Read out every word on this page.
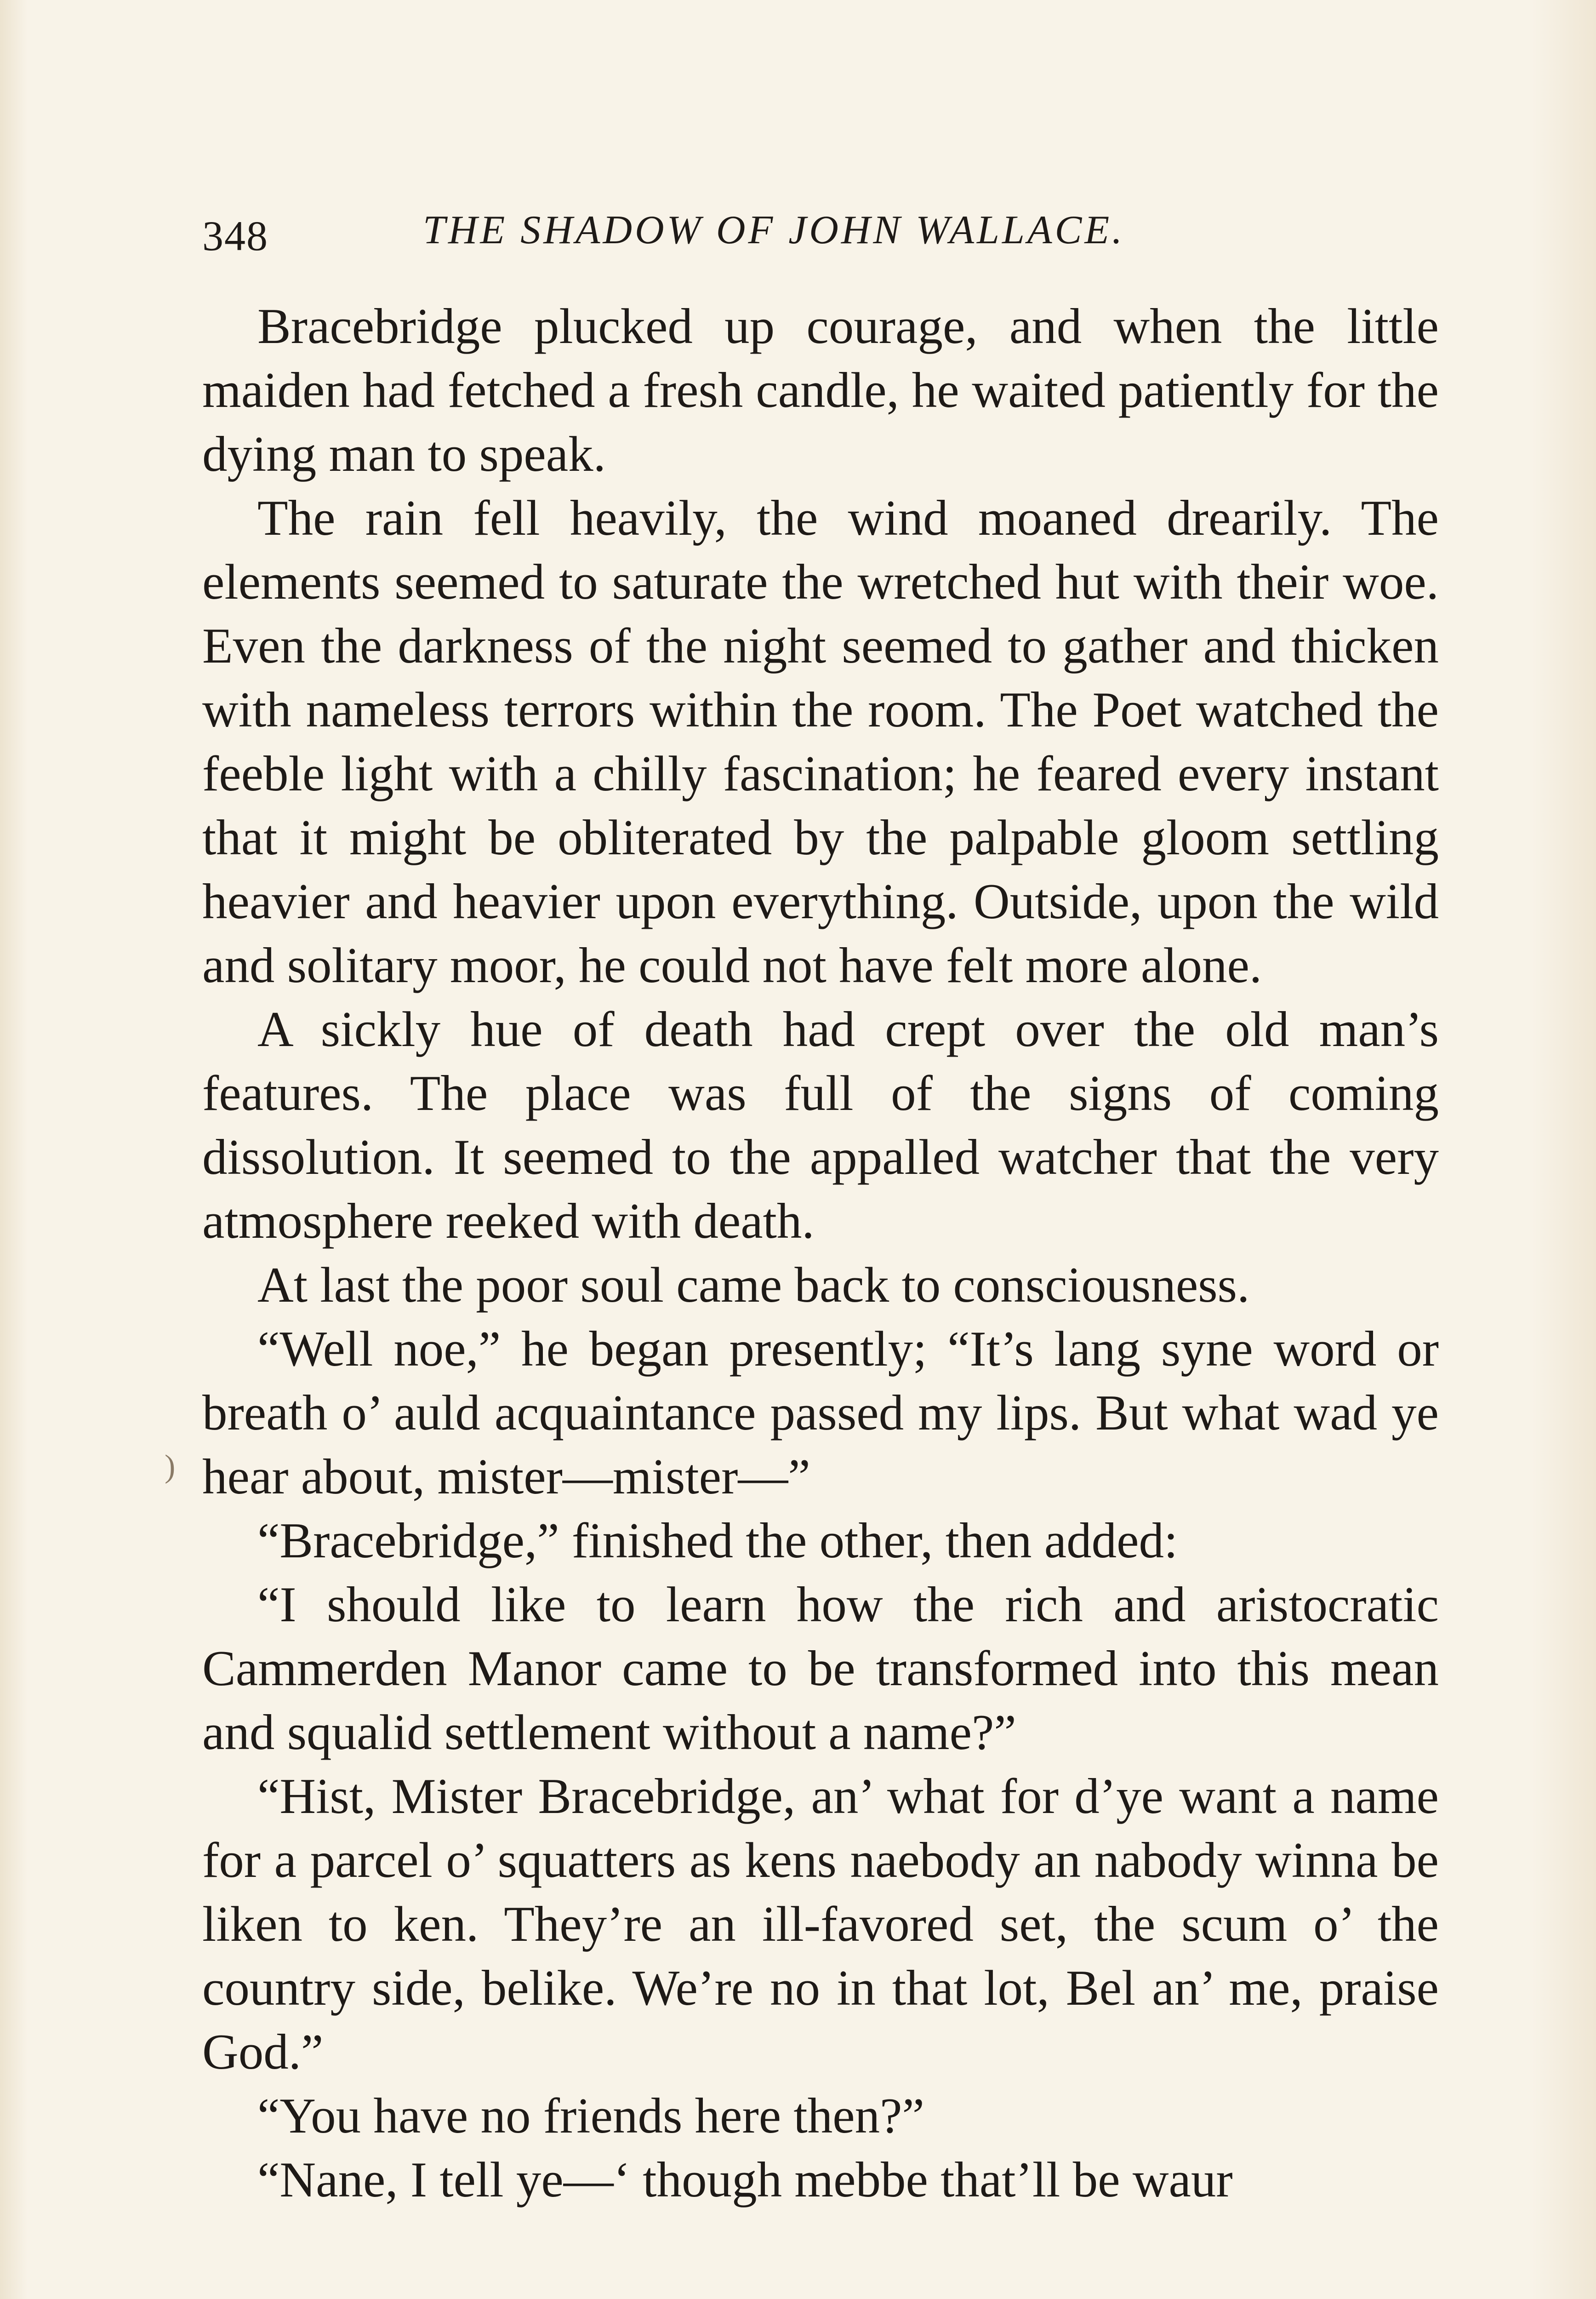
348	THE SHADOW OF JOHN WALLACE.

Bracebridge plucked up courage, and when the little maiden had fetched a fresh candle, he waited patiently for the dying man to speak.

The rain fell heavily, the wind moaned drearily. The elements seemed to saturate the wretched hut with their woe. Even the darkness of the night seemed to gather and thicken with nameless terrors within the room. The Poet watched the feeble light with a chilly fascination; he feared every instant that it might be obliterated by the palpable gloom settling heavier and heavier upon everything. Outside, upon the wild and solitary moor, he could not have felt more alone.

A sickly hue of death had crept over the old man’s features. The place was full of the signs of coming dissolution. It seemed to the appalled watcher that the very atmosphere reeked with death.

At last the poor soul came back to consciousness.

“Well noe,” he began presently; “It’s lang syne word or breath o’ auld acquaintance passed my lips. But what wad ye hear about, mister—mister—”

“Bracebridge,” finished the other, then added:

“I should like to learn how the rich and aristocratic Cammerden Manor came to be transformed into this mean and squalid settlement without a name?”

“Hist, Mister Bracebridge, an’ what for d’ye want a name for a parcel o’ squatters as kens naebody an nabody winna be liken to ken. They’re an ill-favored set, the scum o’ the country side, belike. We’re no in that lot, Bel an’ me, praise God.”

“You have no friends here then?”

“Nane, I tell ye—‘ though mebbe that’ll be waur

)
